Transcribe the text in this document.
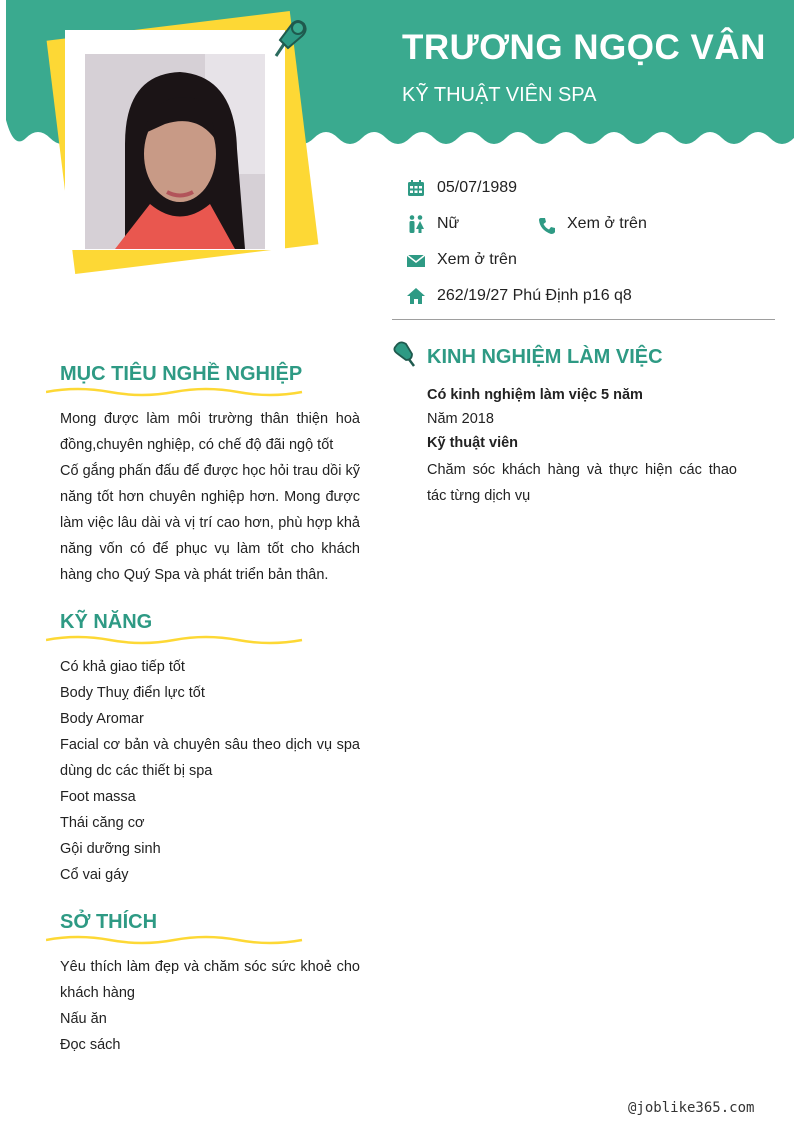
TRƯƠNG NGỌC VÂN
KỸ THUẬT VIÊN SPA
05/07/1989
Nữ	Xem ở trên
Xem ở trên
262/19/27 Phú Định p16 q8
MỤC TIÊU NGHỀ NGHIỆP

Mong được làm môi trường thân thiện hoà đồng,chuyên nghiệp, có chế độ đãi ngộ tốt

Cố gắng phấn đấu để được học hỏi trau dồi kỹ năng tốt hơn chuyên nghiệp hơn. Mong được làm việc lâu dài và vị trí cao hơn, phù hợp khả năng vốn có để phục vụ làm tốt cho khách hàng cho Quý Spa và phát triển bản thân.

KỸ NĂNG
Có khả giao tiếp tốt
Body Thuỵ điển lực tốt
Body Aromar
Facial cơ bản và chuyên sâu theo dịch vụ spa dùng dc các thiết bị spa
Foot massa
Thái căng cơ
Gội dưỡng sinh
Cổ vai gáy
SỞ THÍCH
Yêu thích làm đẹp và chăm sóc sức khoẻ cho khách hàng
Nấu ăn
Đọc sách
KINH NGHIỆM LÀM VIỆC
Có kinh nghiệm làm việc 5 năm
Năm 2018
Kỹ thuật viên
Chăm sóc khách hàng và thực hiện các thao tác từng dịch vụ
@joblike365.com
